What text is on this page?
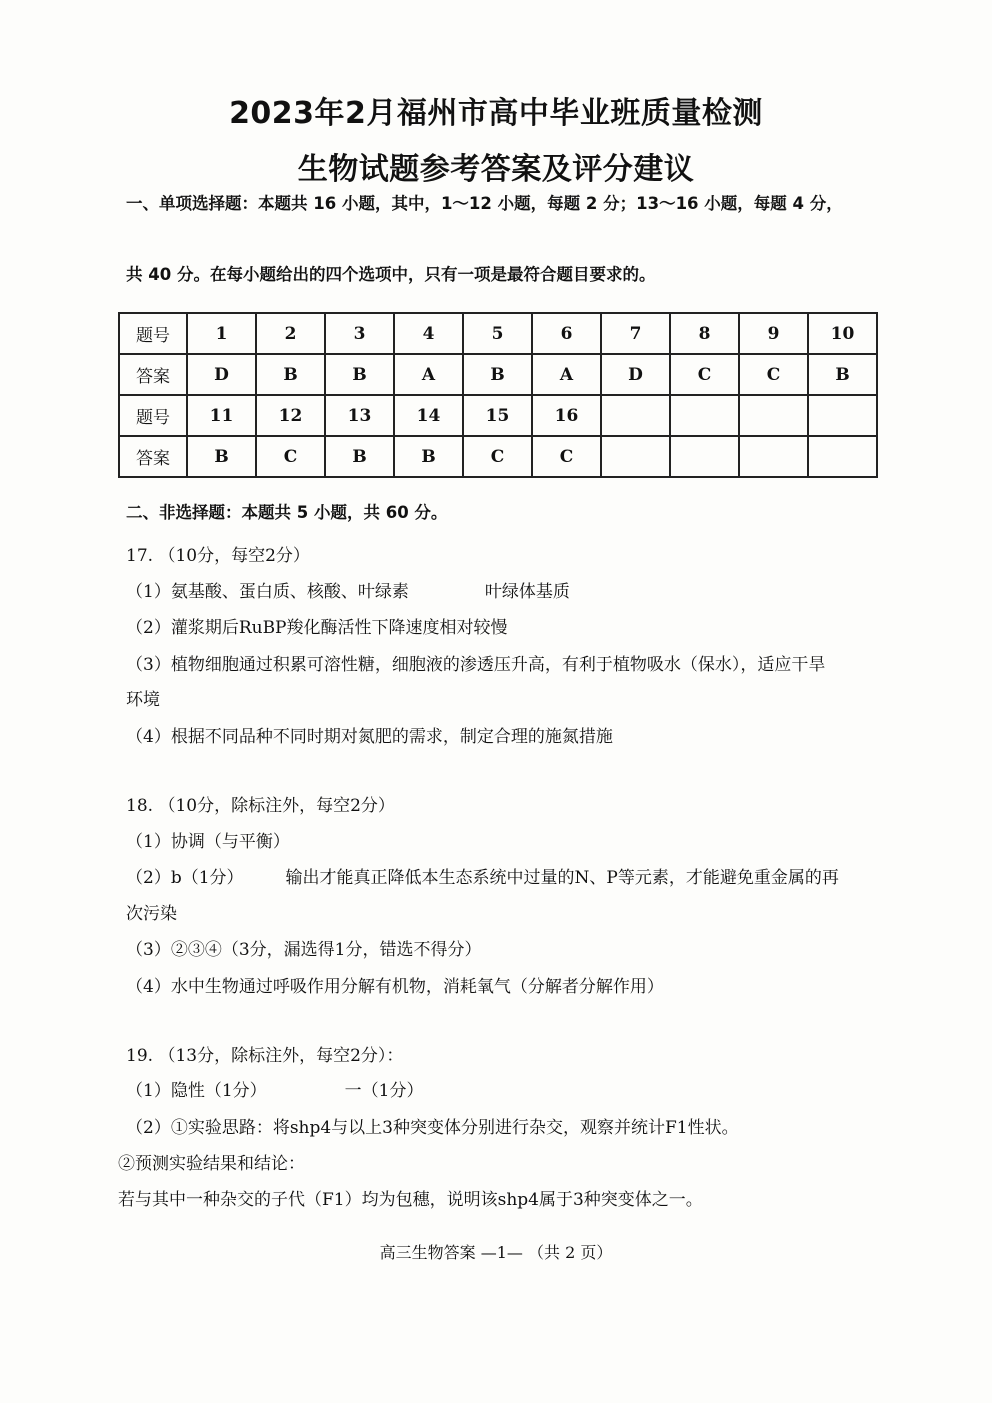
2023年2月福州市高中毕业班质量检测
生物试题参考答案及评分建议
一、单项选择题：本题共 16 小题，其中，1～12 小题，每题 2 分；13～16 小题，每题 4 分，
共 40 分。在每小题给出的四个选项中，只有一项是最符合题目要求的。
题号	1	2	3	4	5	6	7	8	9	10
答案	D	B	B	A	B	A	D	C	C	B
题号	11	12	13	14	15	16				
答案	B	C	B	B	C	C				
二、非选择题：本题共 5 小题，共 60 分。
17. （10分，每空2分）
（1）氨基酸、蛋白质、核酸、叶绿素	叶绿体基质
（2）灌浆期后RuBP羧化酶活性下降速度相对较慢
（3）植物细胞通过积累可溶性糖，细胞液的渗透压升高，有利于植物吸水（保水），适应干旱
环境
（4）根据不同品种不同时期对氮肥的需求，制定合理的施氮措施
18. （10分，除标注外，每空2分）
（1）协调（与平衡）
（2）b（1分） 输出才能真正降低本生态系统中过量的N、P等元素，才能避免重金属的再
次污染
（3）②③④（3分，漏选得1分，错选不得分）
（4）水中生物通过呼吸作用分解有机物，消耗氧气（分解者分解作用）
19. （13分，除标注外，每空2分）：
（1）隐性（1分）	一（1分）
（2）①实验思路：将shp4与以上3种突变体分别进行杂交，观察并统计F1性状。
②预测实验结果和结论：
若与其中一种杂交的子代（F1）均为包穗，说明该shp4属于3种突变体之一。
高三生物答案 —1— （共 2 页）
